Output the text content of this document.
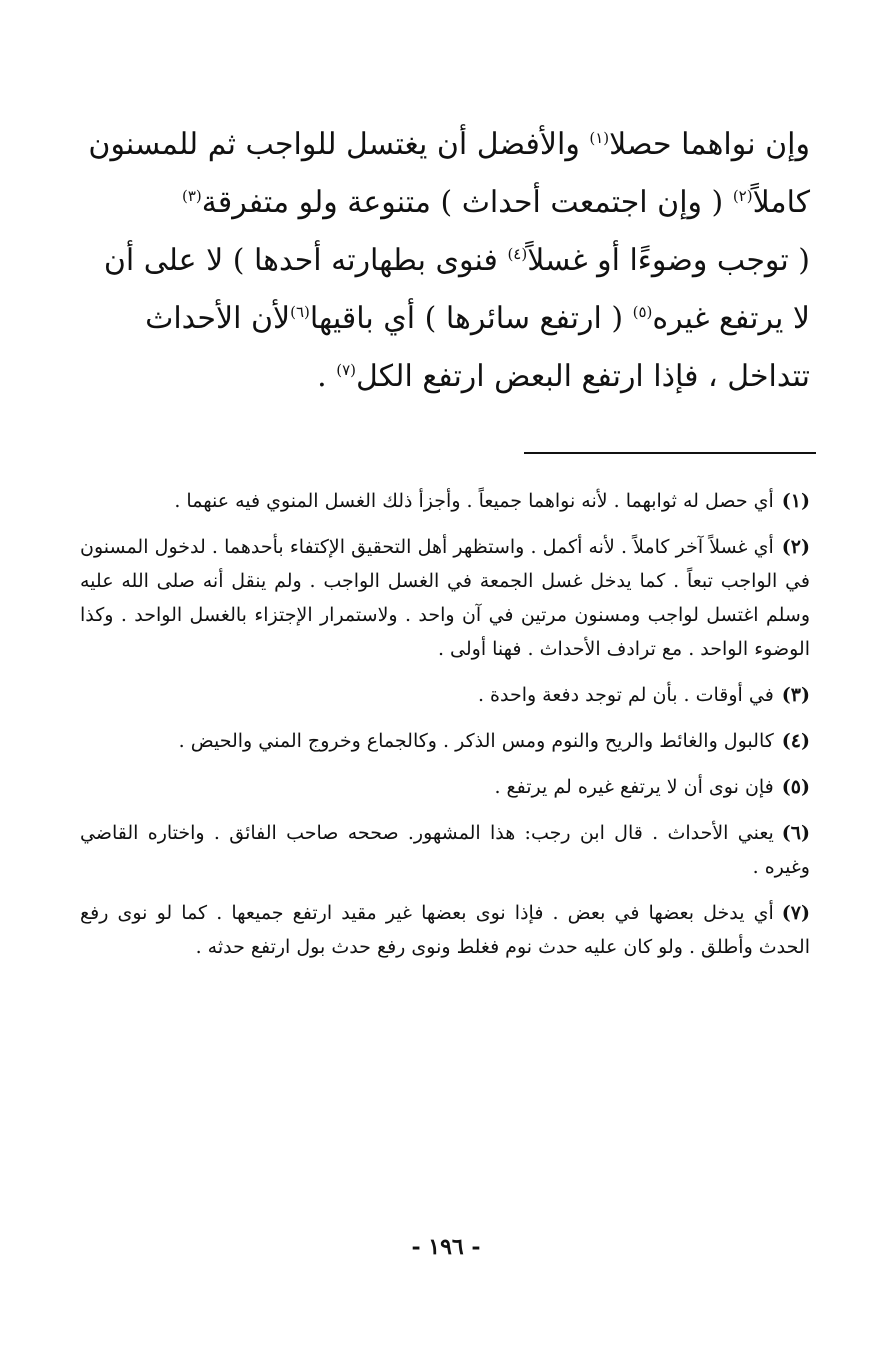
وإن نواهما حصلا$^{(١)}$ والأفضل أن يغتسل للواجب ثم للمسنون
كاملاً$^{(٢)}$ ( وإن اجتمعت أحداث ) متنوعة ولو متفرقة$^{(٣)}$
( توجب وضوءًا أو غسلاً$^{(٤)}$ فنوى بطهارته أحدها ) لا على أن
لا يرتفع غيره$^{(٥)}$ ( ارتفع سائرها ) أي باقيها$^{(٦)}$لأن الأحداث
تتداخل ، فإذا ارتفع البعض ارتفع الكل$^{(٧)}$ .

(١)أي حصل له ثوابهما . لأنه نواهما جميعاً . وأجزأ ذلك الغسل المنوي فيه عنهما .

(٢)أي غسلاً آخر كاملاً . لأنه أكمل . واستظهر أهل التحقيق الإكتفاء بأحدهما . لدخول المسنون في الواجب تبعاً . كما يدخل غسل الجمعة في الغسل الواجب . ولم ينقل أنه صلى الله عليه وسلم اغتسل لواجب ومسنون مرتين في آن واحد . ولاستمرار الإجتزاء بالغسل الواحد . وكذا الوضوء الواحد . مع ترادف الأحداث . فهنا أولى .

(٣)في أوقات . بأن لم توجد دفعة واحدة .

(٤)كالبول والغائط والريح والنوم ومس الذكر . وكالجماع وخروج المني والحيض .

(٥)فإن نوى أن لا يرتفع غيره لم يرتفع .

(٦)يعني الأحداث . قال ابن رجب: هذا المشهور. صححه صاحب الفائق . واختاره القاضي وغيره .

(٧)أي يدخل بعضها في بعض . فإذا نوى بعضها غير مقيد ارتفع جميعها . كما لو نوى رفع الحدث وأطلق . ولو كان عليه حدث نوم فغلط ونوى رفع حدث بول ارتفع حدثه .

- ١٩٦ -
